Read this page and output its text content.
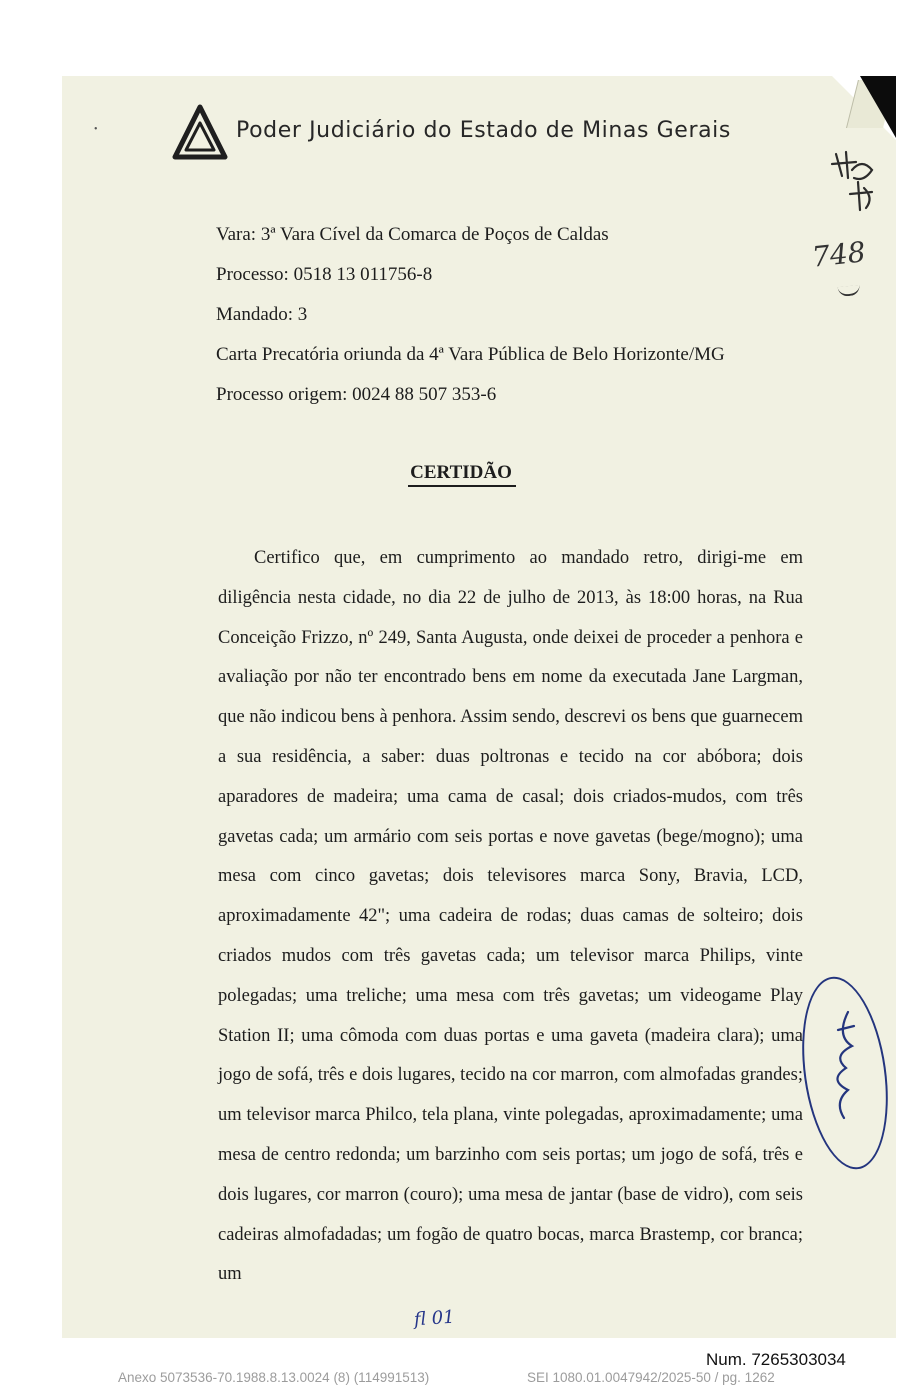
•	Poder Judiciário do Estado de Minas Gerais
Vara: 3ª Vara Cível da Comarca de Poços de Caldas
Processo: 0518 13 011756-8
Mandado: 3
Carta Precatória oriunda da 4ª Vara Pública de Belo Horizonte/MG
Processo origem: 0024 88 507 353-6
CERTIDÃO

Certifico que, em cumprimento ao mandado retro, dirigi-me em diligência nesta cidade, no dia 22 de julho de 2013, às 18:00 horas, na Rua Conceição Frizzo, nº 249, Santa Augusta, onde deixei de proceder a penhora e avaliação por não ter encontrado bens em nome da executada Jane Largman, que não indicou bens à penhora. Assim sendo, descrevi os bens que guarnecem a sua residência, a saber: duas poltronas e tecido na cor abóbora; dois aparadores de madeira; uma cama de casal; dois criados-mudos, com três gavetas cada; um armário com seis portas e nove gavetas (bege/mogno); uma mesa com cinco gavetas; dois televisores marca Sony, Bravia, LCD, aproximadamente 42"; uma cadeira de rodas; duas camas de solteiro; dois criados mudos com três gavetas cada; um televisor marca Philips, vinte polegadas; uma treliche; uma mesa com três gavetas; um videogame Play Station II; uma cômoda com duas portas e uma gaveta (madeira clara); uma jogo de sofá, três e dois lugares, tecido na cor marron, com almofadas grandes; um televisor marca Philco, tela plana, vinte polegadas, aproximadamente; uma mesa de centro redonda; um barzinho com seis portas; um jogo de sofá, três e dois lugares, cor marron (couro); uma mesa de jantar (base de vidro), com seis cadeiras almofadadas; um fogão de quatro bocas, marca Brastemp, cor branca; um

748
fl 01
Num. 7265303034
Anexo 5073536-70.1988.8.13.0024 (8) (114991513)	SEI 1080.01.0047942/2025-50 / pg. 1262
